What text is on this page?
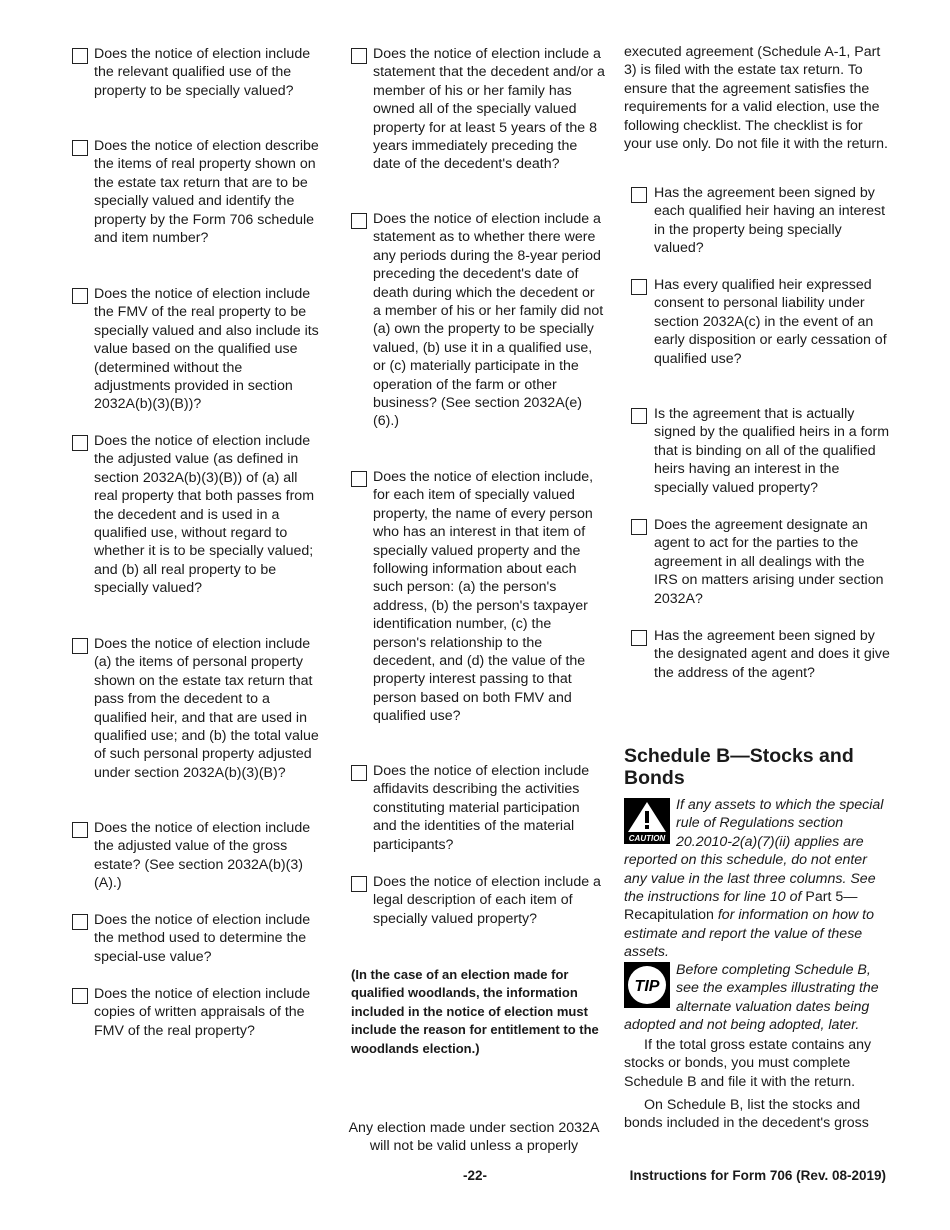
Does the notice of election include the relevant qualified use of the property to be specially valued?
Does the notice of election describe the items of real property shown on the estate tax return that are to be specially valued and identify the property by the Form 706 schedule and item number?
Does the notice of election include the FMV of the real property to be specially valued and also include its value based on the qualified use (determined without the adjustments provided in section 2032A(b)(3)(B))?
Does the notice of election include the adjusted value (as defined in section 2032A(b)(3)(B)) of (a) all real property that both passes from the decedent and is used in a qualified use, without regard to whether it is to be specially valued; and (b) all real property to be specially valued?
Does the notice of election include (a) the items of personal property shown on the estate tax return that pass from the decedent to a qualified heir, and that are used in qualified use; and (b) the total value of such personal property adjusted under section 2032A(b)(3)(B)?
Does the notice of election include the adjusted value of the gross estate? (See section 2032A(b)(3)(A).)
Does the notice of election include the method used to determine the special-use value?
Does the notice of election include copies of written appraisals of the FMV of the real property?
Does the notice of election include a statement that the decedent and/or a member of his or her family has owned all of the specially valued property for at least 5 years of the 8 years immediately preceding the date of the decedent's death?
Does the notice of election include a statement as to whether there were any periods during the 8-year period preceding the decedent's date of death during which the decedent or a member of his or her family did not (a) own the property to be specially valued, (b) use it in a qualified use, or (c) materially participate in the operation of the farm or other business? (See section 2032A(e)(6).)
Does the notice of election include, for each item of specially valued property, the name of every person who has an interest in that item of specially valued property and the following information about each such person: (a) the person's address, (b) the person's taxpayer identification number, (c) the person's relationship to the decedent, and (d) the value of the property interest passing to that person based on both FMV and qualified use?
Does the notice of election include affidavits describing the activities constituting material participation and the identities of the material participants?
Does the notice of election include a legal description of each item of specially valued property?
(In the case of an election made for qualified woodlands, the information included in the notice of election must include the reason for entitlement to the woodlands election.)
Any election made under section 2032A will not be valid unless a properly
executed agreement (Schedule A-1, Part 3) is filed with the estate tax return. To ensure that the agreement satisfies the requirements for a valid election, use the following checklist. The checklist is for your use only. Do not file it with the return.
Has the agreement been signed by each qualified heir having an interest in the property being specially valued?
Has every qualified heir expressed consent to personal liability under section 2032A(c) in the event of an early disposition or early cessation of qualified use?
Is the agreement that is actually signed by the qualified heirs in a form that is binding on all of the qualified heirs having an interest in the specially valued property?
Does the agreement designate an agent to act for the parties to the agreement in all dealings with the IRS on matters arising under section 2032A?
Has the agreement been signed by the designated agent and does it give the address of the agent?
Schedule B—Stocks and Bonds
CAUTION
If any assets to which the special rule of Regulations section 20.2010-2(a)(7)(ii) applies are reported on this schedule, do not enter any value in the last three columns. See the instructions for line 10 of Part 5—Recapitulation for information on how to estimate and report the value of these assets.
TIP
Before completing Schedule B, see the examples illustrating the alternate valuation dates being adopted and not being adopted, later.
If the total gross estate contains any stocks or bonds, you must complete Schedule B and file it with the return.
On Schedule B, list the stocks and bonds included in the decedent's gross
-22-	Instructions for Form 706 (Rev. 08-2019)
